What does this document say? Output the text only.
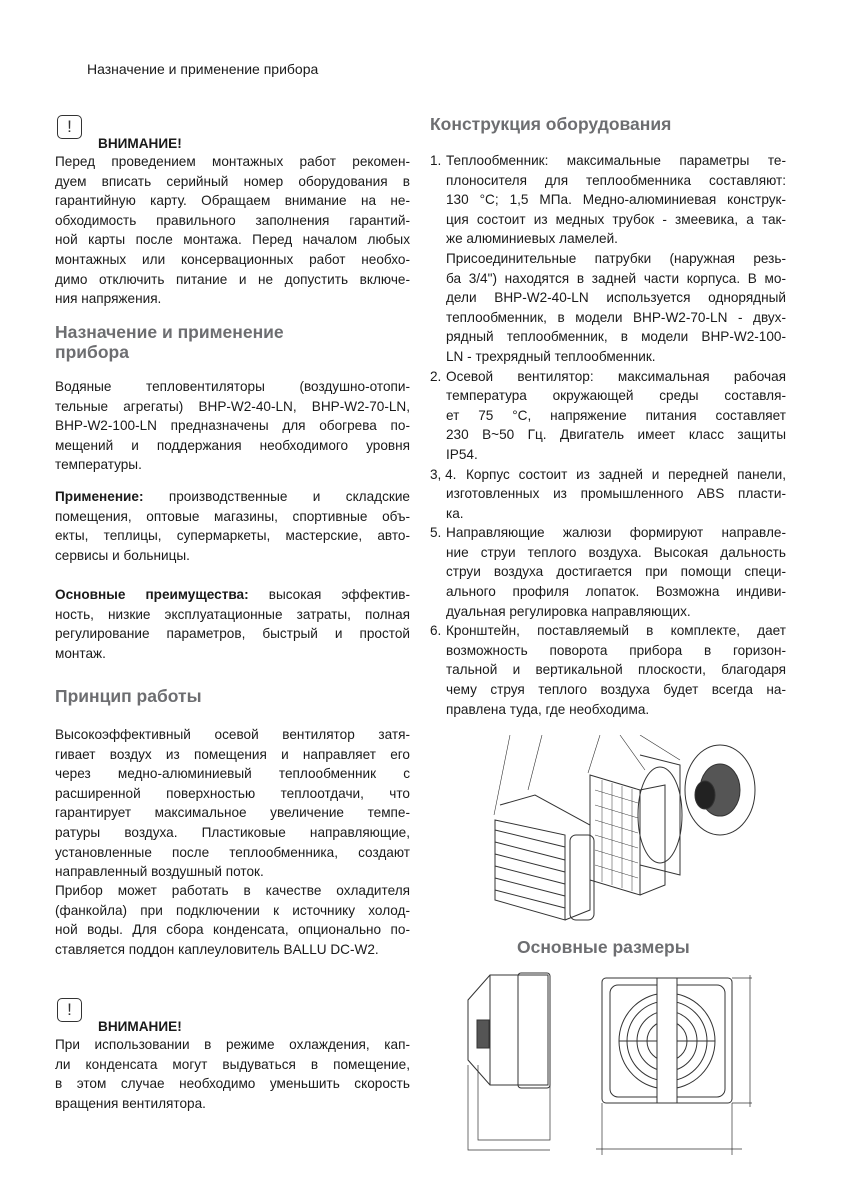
Назначение и применение прибора
!
ВНИМАНИЕ!
Перед проведением монтажных работ рекомен-
дуем вписать серийный номер оборудования в
гарантийную карту. Обращаем внимание на не-
обходимость правильного заполнения гарантий-
ной карты после монтажа. Перед началом любых
монтажных или консервационных работ необхо-
димо отключить питание и не допустить включе-
ния напряжения.
Назначение и применение
прибора
Водяные тепловентиляторы (воздушно-отопи-
тельные агрегаты) BHP-W2-40-LN, BHP-W2-70-LN,
BHP-W2-100-LN предназначены для обогрева по-
мещений и поддержания необходимого уровня
температуры.
Применение: производственные и складские
помещения, оптовые магазины, спортивные объ-
екты, теплицы, супермаркеты, мастерские, авто-
сервисы и больницы.
Основные преимущества: высокая эффектив-
ность, низкие эксплуатационные затраты, полная
регулирование параметров, быстрый и простой
монтаж.
Принцип работы
Высокоэффективный осевой вентилятор затя-
гивает воздух из помещения и направляет его
через медно-алюминиевый теплообменник с
расширенной поверхностью теплоотдачи, что
гарантирует максимальное увеличение темпе-
ратуры воздуха. Пластиковые направляющие,
установленные после теплообменника, создают
направленный воздушный поток.
Прибор может работать в качестве охладителя
(фанкойла) при подключении к источнику холод-
ной воды. Для сбора конденсата, опционально по-
ставляется поддон каплеуловитель BALLU DC-W2.
!
ВНИМАНИЕ!
При использовании в режиме охлаждения, кап-
ли конденсата могут выдуваться в помещение,
в этом случае необходимо уменьшить скорость
вращения вентилятора.
Конструкция оборудования
1. Теплообменник: максимальные параметры те-
плоносителя для теплообменника составляют:
130 °С; 1,5 МПа. Медно-алюминиевая конструк-
ция состоит из медных трубок - змеевика, а так-
же алюминиевых ламелей.
Присоединительные патрубки (наружная резь-
ба 3/4") находятся в задней части корпуса. В мо-
дели BHP-W2-40-LN используется однорядный
теплообменник, в модели BHP-W2-70-LN - двух-
рядный теплообменник, в модели BHP-W2-100-
LN - трехрядный теплообменник.
2. Осевой вентилятор: максимальная рабочая
температура окружающей среды составля-
ет 75 °С, напряжение питания составляет
230 В~50 Гц. Двигатель имеет класс защиты
IP54.
3, 4. Корпус состоит из задней и передней панели,
изготовленных из промышленного ABS пласти-
ка.
5. Направляющие жалюзи формируют направле-
ние струи теплого воздуха. Высокая дальность
струи воздуха достигается при помощи специ-
ального профиля лопаток. Возможна индиви-
дуальная регулировка направляющих.
6. Кронштейн, поставляемый в комплекте, дает
возможность поворота прибора в горизон-
тальной и вертикальной плоскости, благодаря
чему струя теплого воздуха будет всегда на-
правлена туда, где необходима.
Основные размеры
